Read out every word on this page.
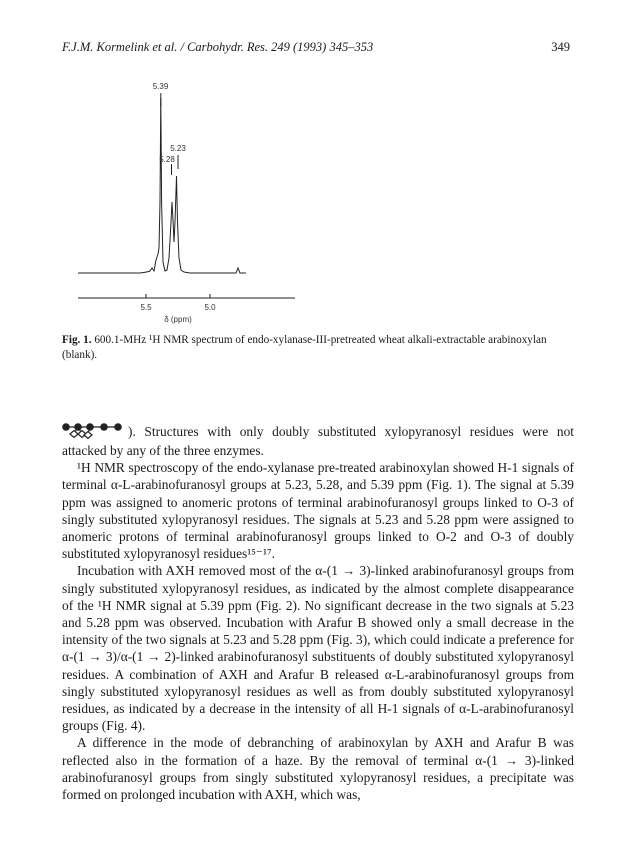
F.J.M. Kormelink et al. / Carbohydr. Res. 249 (1993) 345–353	349
5.39
5.23
5.28
5.5	5.0
δ (ppm)
Fig. 1. 600.1-MHz ¹H NMR spectrum of endo-xylanase-III-pretreated wheat alkali-extractable arabinoxylan (blank).

). Structures with only doubly substituted xylopyranosyl residues were not attacked by any of the three enzymes.

¹H NMR spectroscopy of the endo-xylanase pre-treated arabinoxylan showed H-1 signals of terminal α-L-arabinofuranosyl groups at 5.23, 5.28, and 5.39 ppm (Fig. 1). The signal at 5.39 ppm was assigned to anomeric protons of terminal arabinofuranosyl groups linked to O-3 of singly substituted xylopyranosyl residues. The signals at 5.23 and 5.28 ppm were assigned to anomeric protons of terminal arabinofuranosyl groups linked to O-2 and O-3 of doubly substituted xylopyranosyl residues¹⁵⁻¹⁷.

Incubation with AXH removed most of the α-(1 → 3)-linked arabinofuranosyl groups from singly substituted xylopyranosyl residues, as indicated by the almost complete disappearance of the ¹H NMR signal at 5.39 ppm (Fig. 2). No significant decrease in the two signals at 5.23 and 5.28 ppm was observed. Incubation with Arafur B showed only a small decrease in the intensity of the two signals at 5.23 and 5.28 ppm (Fig. 3), which could indicate a preference for α-(1 → 3)/α-(1 → 2)-linked arabinofuranosyl substituents of doubly substituted xylopyranosyl residues. A combination of AXH and Arafur B released α-L-arabinofuranosyl groups from singly substituted xylopyranosyl residues as well as from doubly substituted xylopyranosyl residues, as indicated by a decrease in the intensity of all H-1 signals of α-L-arabinofuranosyl groups (Fig. 4).

A difference in the mode of debranching of arabinoxylan by AXH and Arafur B was reflected also in the formation of a haze. By the removal of terminal α-(1 → 3)-linked arabinofuranosyl groups from singly substituted xylopyranosyl residues, a precipitate was formed on prolonged incubation with AXH, which was,
